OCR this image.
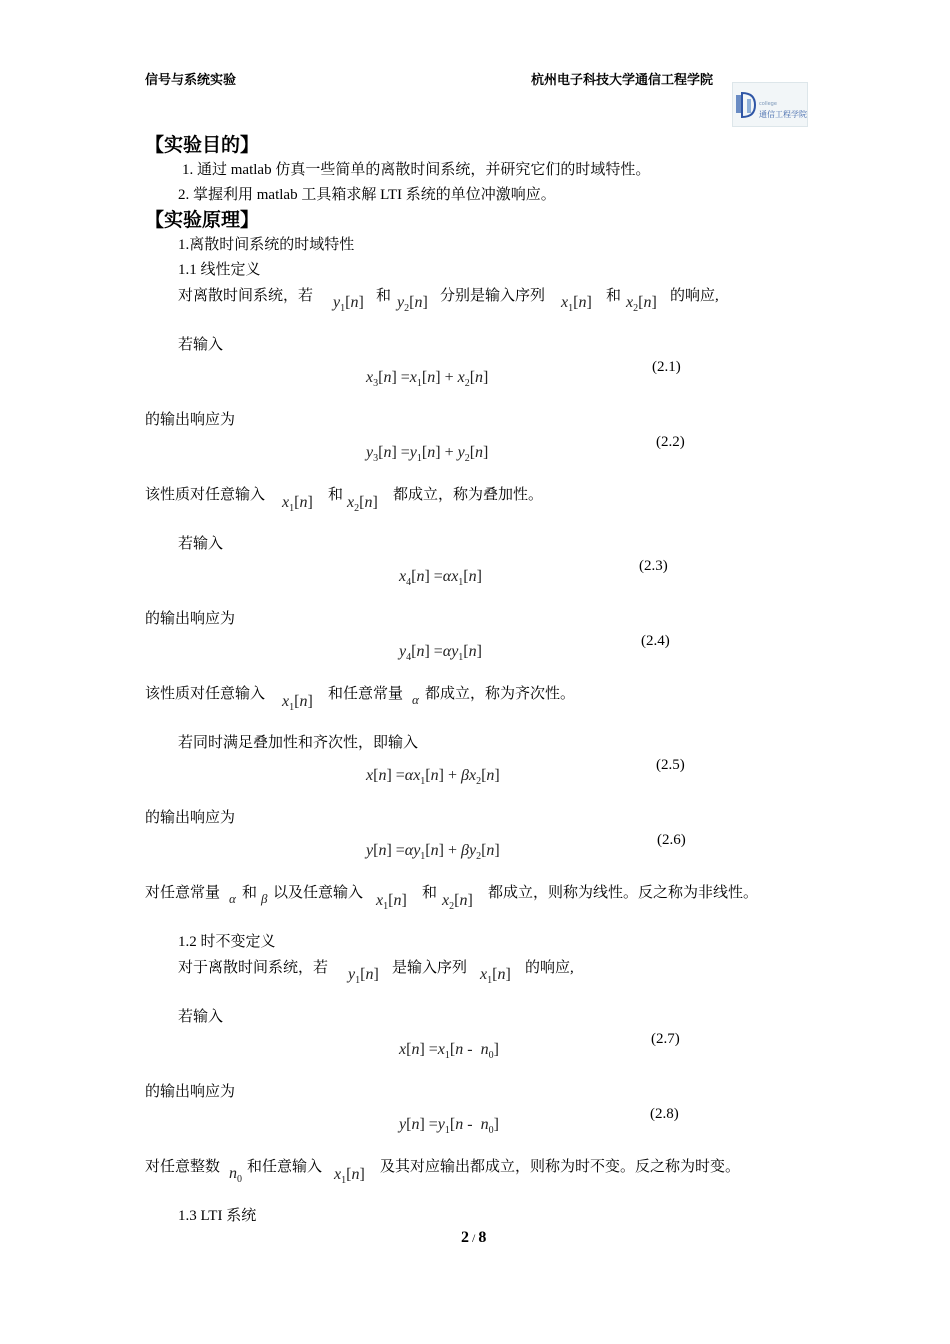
信号与系统实验	杭州电子科技大学通信工程学院
college
通信工程学院
【实验目的】
1. 通过 matlab 仿真一些简单的离散时间系统，并研究它们的时域特性。
2. 掌握利用 matlab 工具箱求解 LTI 系统的单位冲激响应。
【实验原理】
1.离散时间系统的时域特性
1.1 线性定义
对离散时间系统，若 $y_1[n]$ 和 $y_2[n]$ 分别是输入序列 $x_1[n]$ 和 $x_2[n]$ 的响应,
若输入
$x_3[n] =x_1[n] + x_2[n]$
(2.1)
的输出响应为
$y_3[n] =y_1[n] + y_2[n]$
(2.2)
该性质对任意输入 $x_1[n]$ 和 $x_2[n]$ 都成立，称为叠加性。
若输入
$x_4[n] =\alpha x_1[n]$
(2.3)
的输出响应为
$y_4[n] =\alpha y_1[n]$
(2.4)
该性质对任意输入 $x_1[n]$ 和任意常量 α 都成立，称为齐次性。
若同时满足叠加性和齐次性，即输入
$x[n] =\alpha x_1[n] + \beta x_2[n]$
(2.5)
的输出响应为
$y[n] =\alpha y_1[n] + \beta y_2[n]$
(2.6)
对任意常量 α 和 β 以及任意输入 $x_1[n]$ 和 $x_2[n]$ 都成立，则称为线性。反之称为非线性。
1.2 时不变定义
对于离散时间系统，若 $y_1[n]$ 是输入序列 $x_1[n]$ 的响应,
若输入
$x[n] =x_1[n - n_0]$
(2.7)
的输出响应为
$y[n] =y_1[n - n_0]$
(2.8)
对任意整数 $n_0$
和任意输入 $x_1[n]$ 及其对应输出都成立，则称为时不变。反之称为时变。
1.3 LTI 系统
2 / 8
